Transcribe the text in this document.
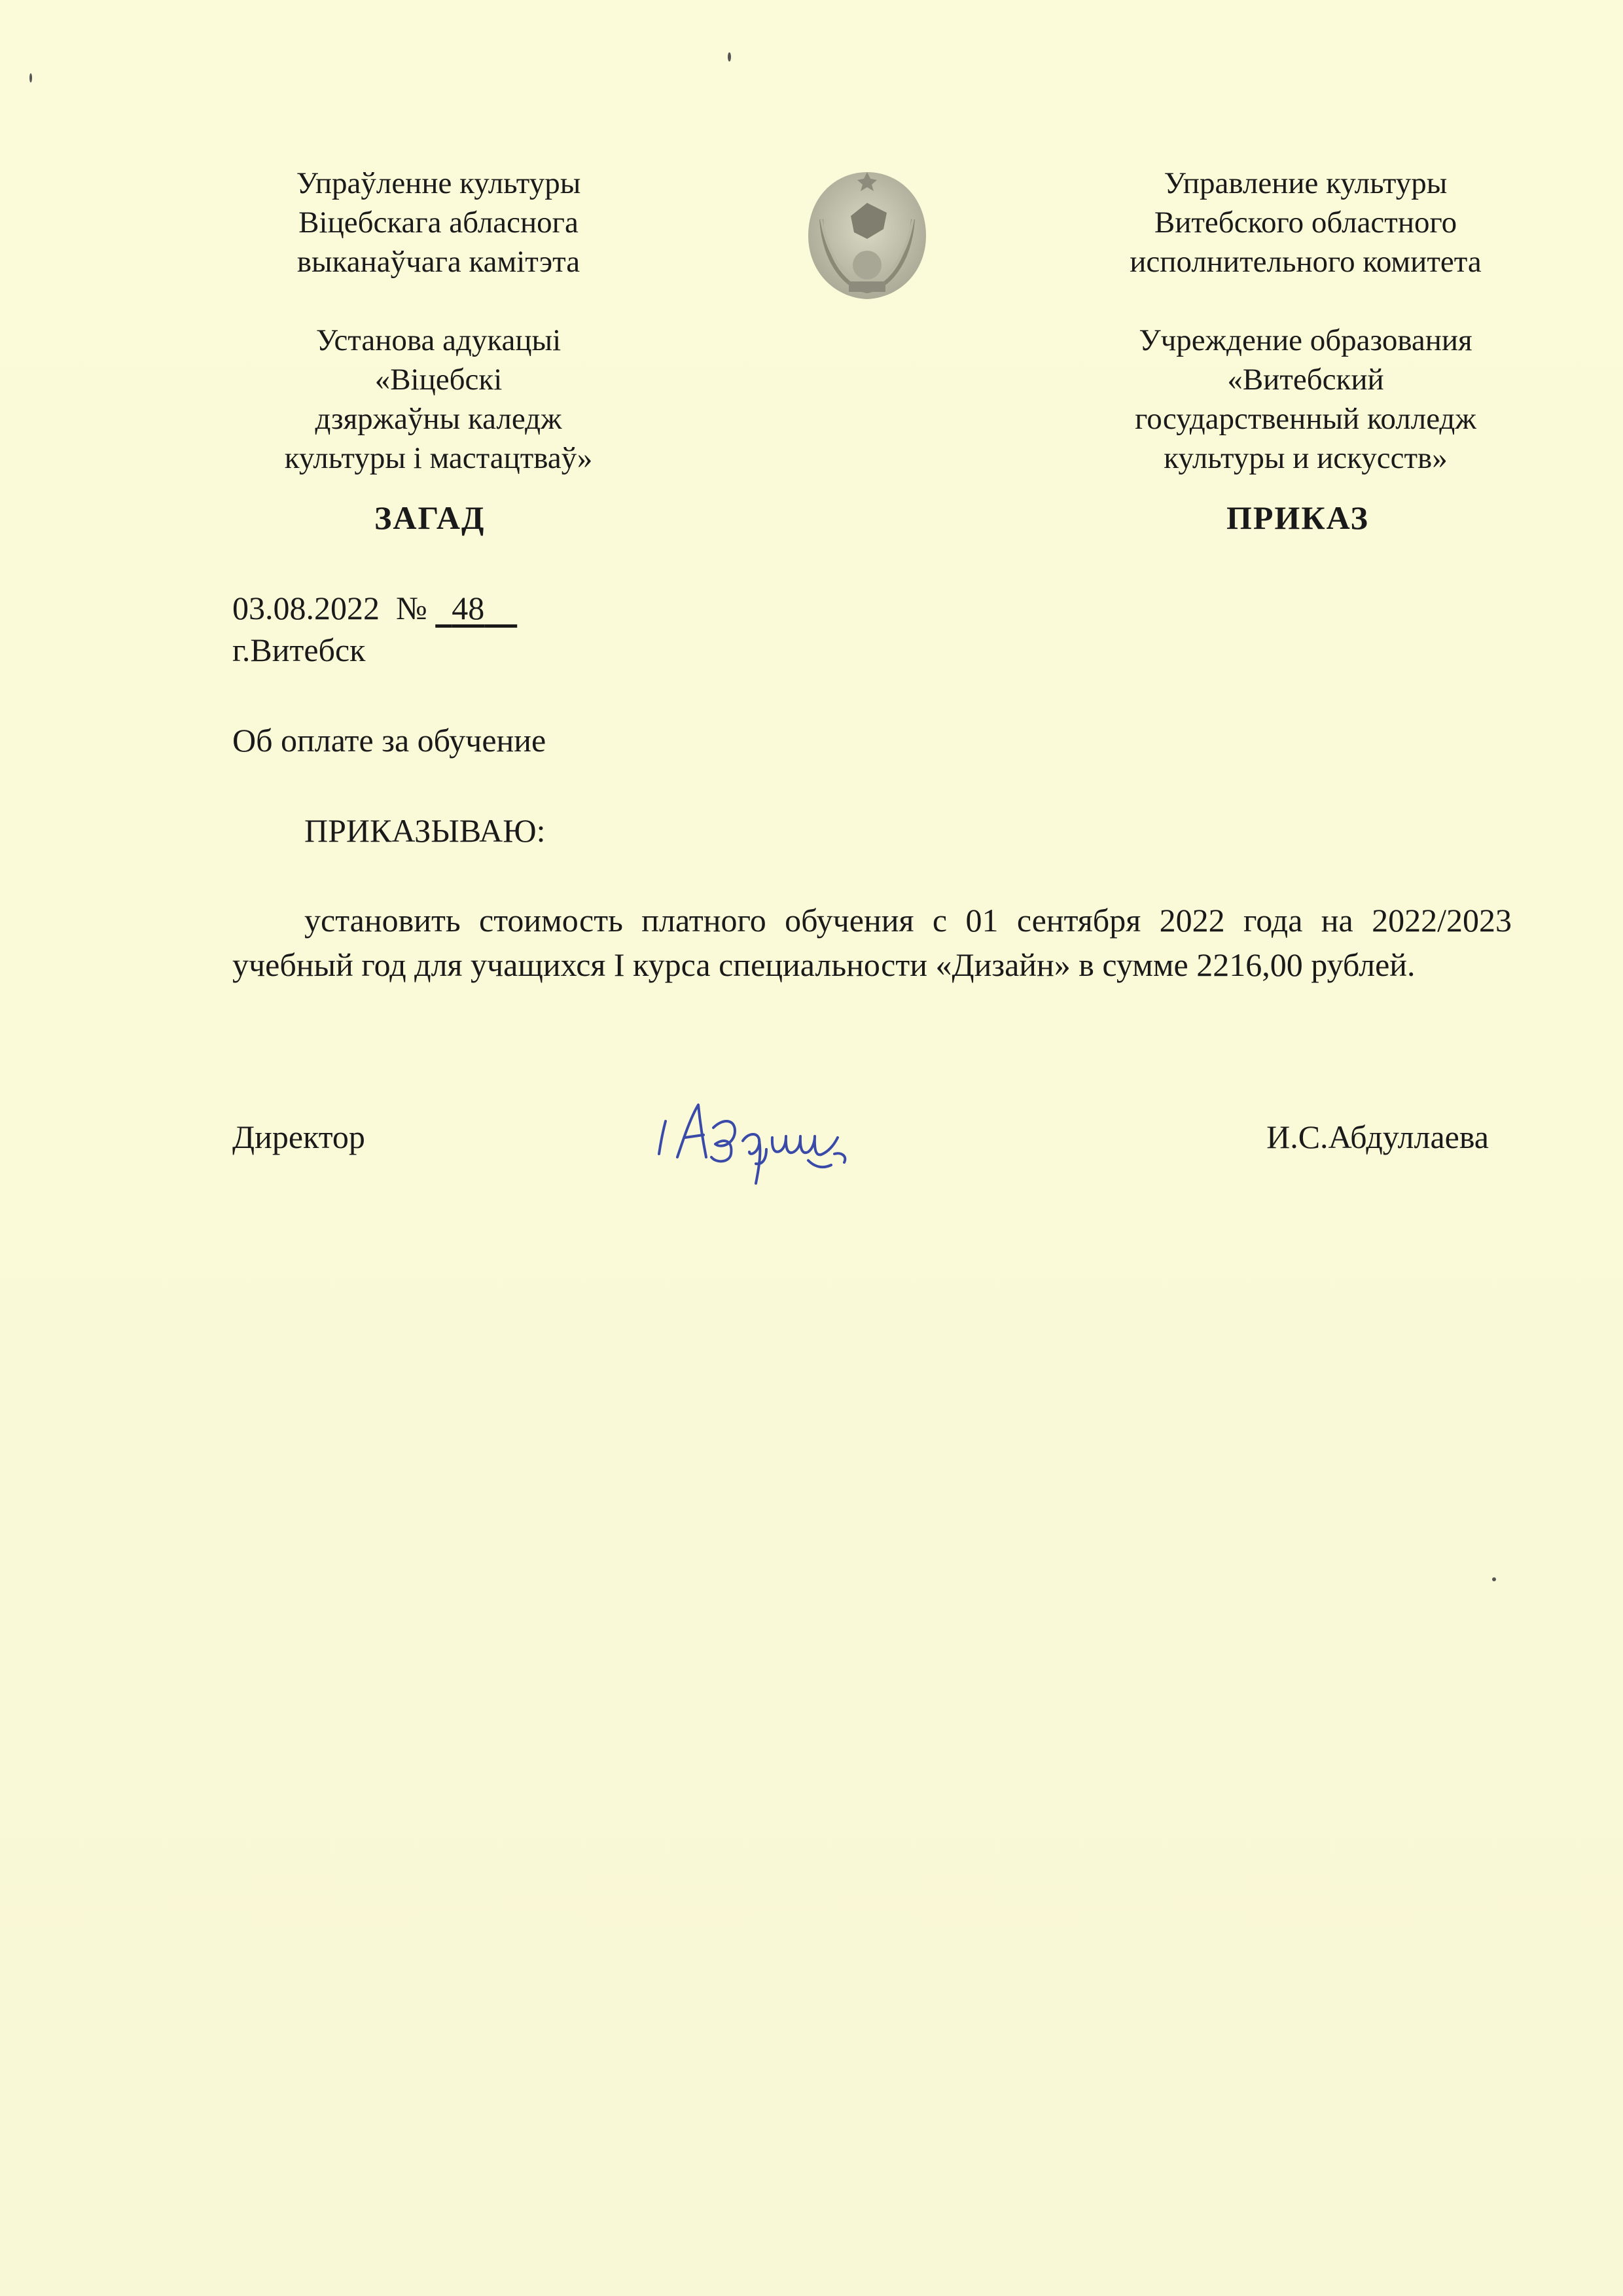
Упраўленне культуры
Віцебскага абласнога
выканаўчага камітэта
Установа адукацыі
«Віцебскі
дзяржаўны каледж
культуры і мастацтваў»
Управление культуры
Витебского областного
исполнительного комитета
Учреждение образования
«Витебский
государственный колледж
культуры и искусств»
ЗАГАД	ПРИКАЗ
03.08.2022 № 48
г.Витебск
Об оплате за обучение
ПРИКАЗЫВАЮ:
установить стоимость платного обучения с 01 сентября 2022 года на 2022/2023 учебный год для учащихся I курса специальности «Дизайн» в сумме 2216,00 рублей.
Директор	И.С.Абдуллаева
